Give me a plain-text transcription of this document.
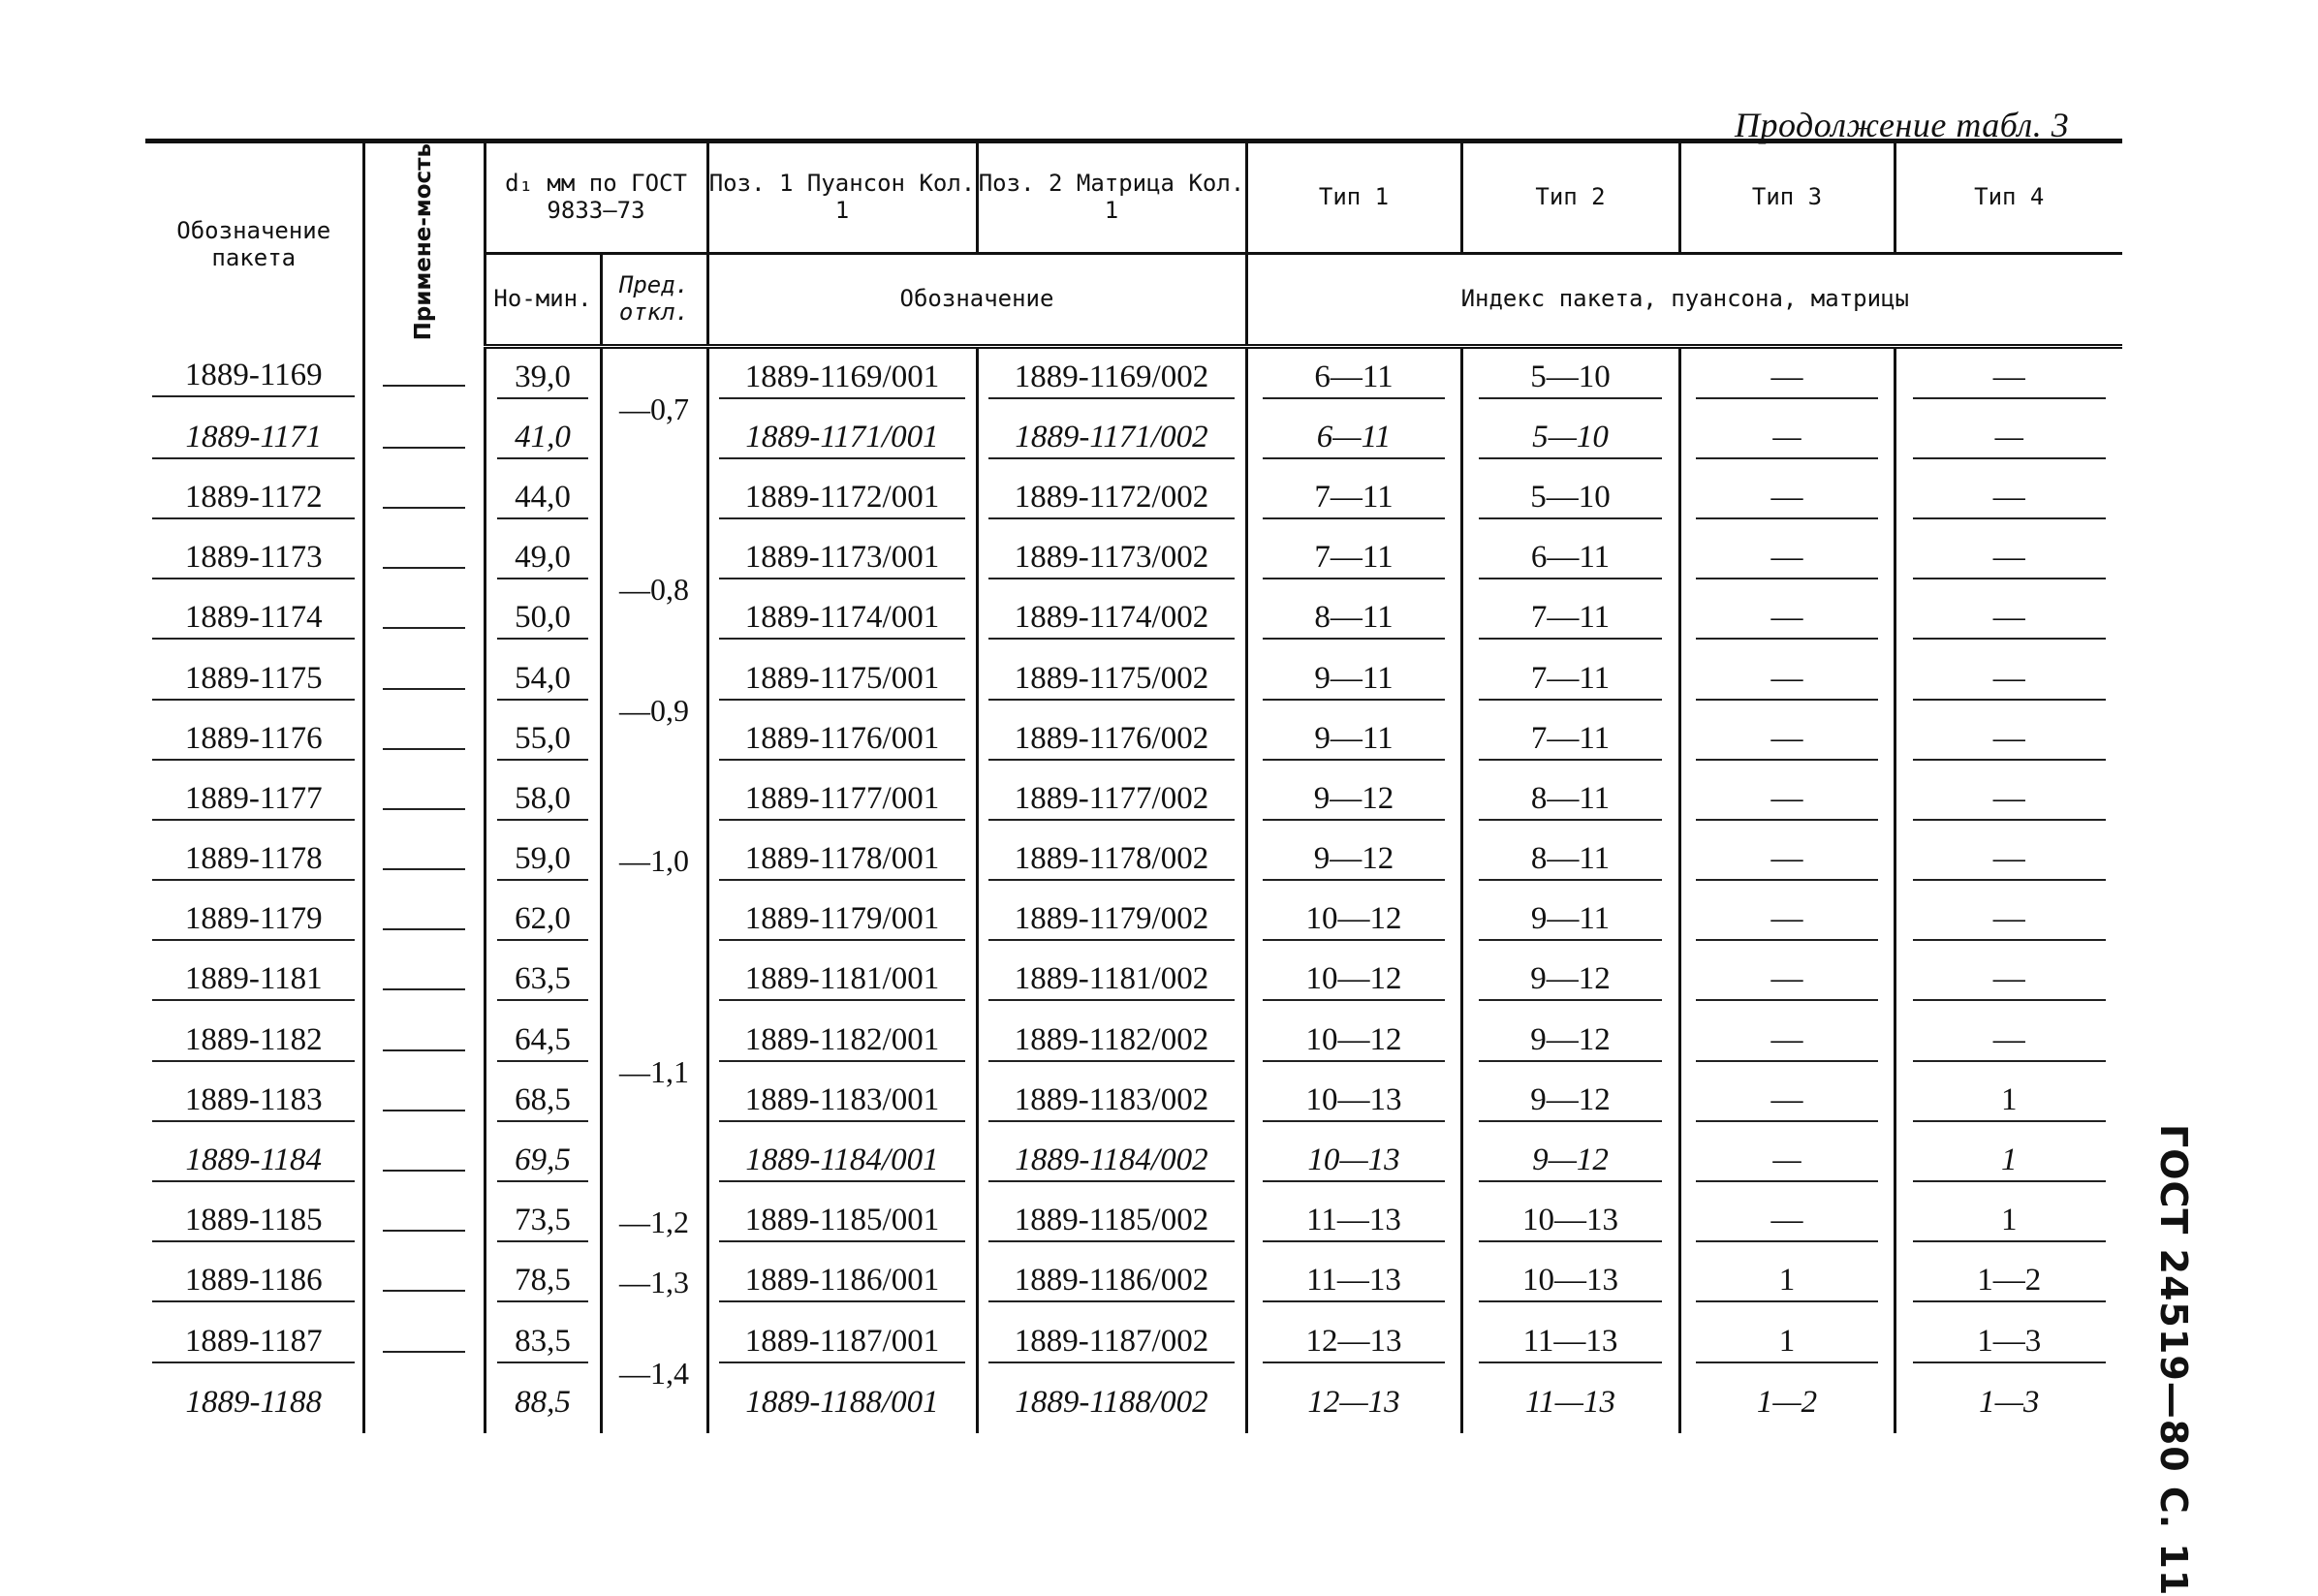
Продолжение табл. 3
ГОСТ 24519—80 С. 11
Обозначение пакета	Примене-мость	d₁ мм по ГОСТ 9833—73		Поз. 1 Пуансон Кол. 1	Поз. 2 Матрица Кол. 1	Тип 1	Тип 2	Тип 3	Тип 4
		Но-мин.	Пред. откл.	Обозначение		Индекс пакета, пуансона, матрицы			
1889-1169		39,0	—0,7	1889-1169/001	1889-1169/002	6—11	5—10	—	—
1889-1171		41,0		1889-1171/001	1889-1171/002	6—11	5—10	—	—
1889-1172		44,0		1889-1172/001	1889-1172/002	7—11	5—10	—	—
1889-1173		49,0	—0,8	1889-1173/001	1889-1173/002	7—11	6—11	—	—
1889-1174		50,0		1889-1174/001	1889-1174/002	8—11	7—11	—	—
1889-1175		54,0	—0,9	1889-1175/001	1889-1175/002	9—11	7—11	—	—
1889-1176		55,0		1889-1176/001	1889-1176/002	9—11	7—11	—	—
1889-1177		58,0	—1,0	1889-1177/001	1889-1177/002	9—12	8—11	—	—
1889-1178		59,0		1889-1178/001	1889-1178/002	9—12	8—11	—	—
1889-1179		62,0		1889-1179/001	1889-1179/002	10—12	9—11	—	—
1889-1181		63,5	—1,1	1889-1181/001	1889-1181/002	10—12	9—12	—	—
1889-1182		64,5		1889-1182/001	1889-1182/002	10—12	9—12	—	—
1889-1183		68,5		1889-1183/001	1889-1183/002	10—13	9—12	—	1
1889-1184		69,5		1889-1184/001	1889-1184/002	10—13	9—12	—	1
1889-1185		73,5	—1,2	1889-1185/001	1889-1185/002	11—13	10—13	—	1
1889-1186		78,5	—1,3	1889-1186/001	1889-1186/002	11—13	10—13	1	1—2
1889-1187		83,5	—1,4	1889-1187/001	1889-1187/002	12—13	11—13	1	1—3
1889-1188		88,5		1889-1188/001	1889-1188/002	12—13	11—13	1—2	1—3
